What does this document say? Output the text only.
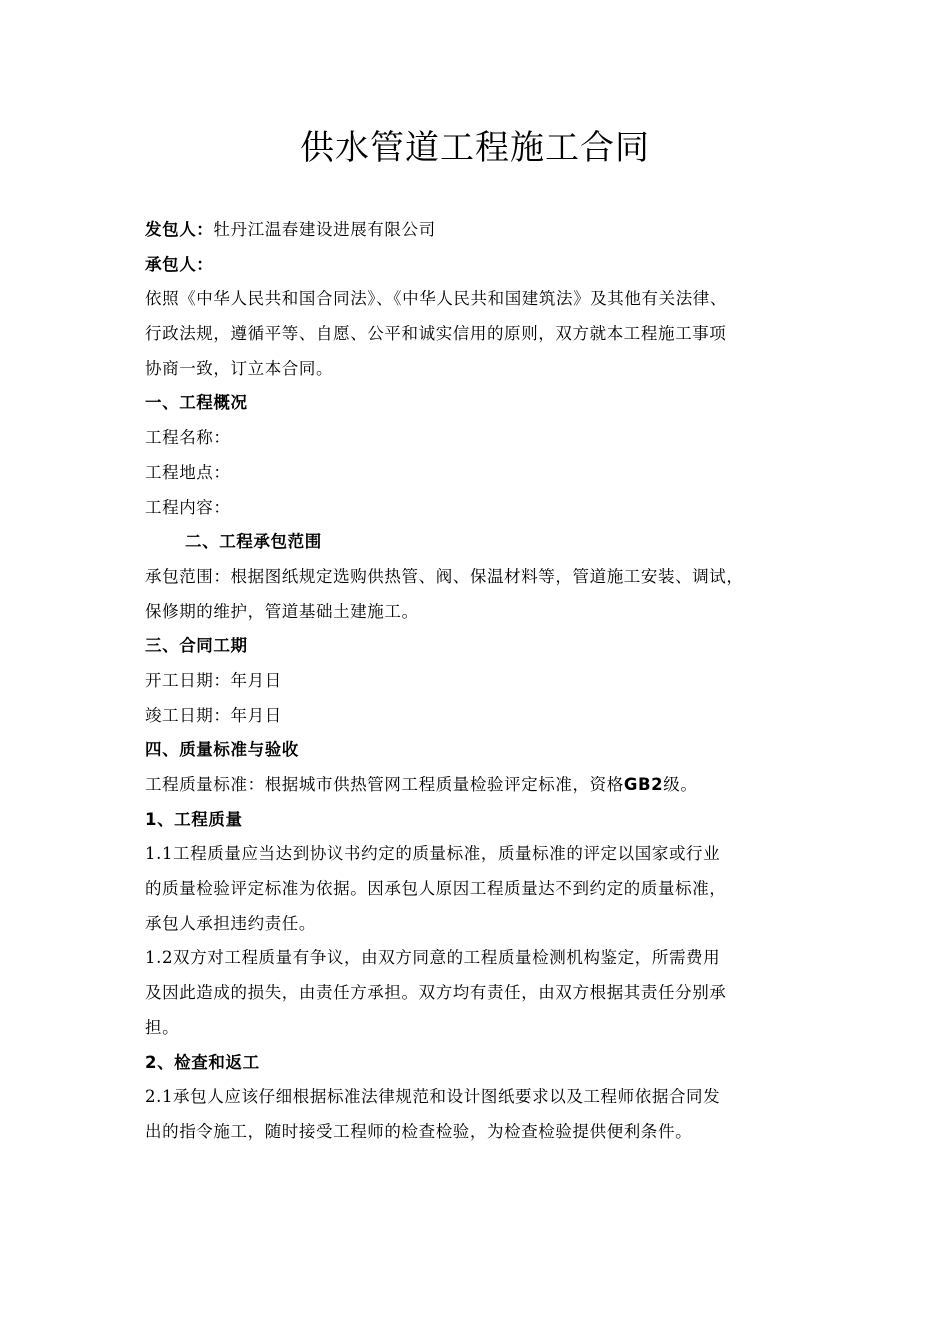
供水管道工程施工合同
发包人：牡丹江温春建设进展有限公司
承包人：
依照《中华人民共和国合同法》、《中华人民共和国建筑法》及其他有关法律、
行政法规，遵循平等、自愿、公平和诚实信用的原则，双方就本工程施工事项
协商一致，订立本合同。
一、工程概况
工程名称：
工程地点：
工程内容：
二、工程承包范围
承包范围：根据图纸规定选购供热管、阀、保温材料等，管道施工安装、调试，
保修期的维护，管道基础土建施工。
三、合同工期
开工日期：年月日
竣工日期：年月日
四、质量标准与验收
工程质量标准：根据城市供热管网工程质量检验评定标准，资格GB2级。
1、工程质量
1.1工程质量应当达到协议书约定的质量标准，质量标准的评定以国家或行业
的质量检验评定标准为依据。因承包人原因工程质量达不到约定的质量标准，
承包人承担违约责任。
1.2双方对工程质量有争议，由双方同意的工程质量检测机构鉴定，所需费用
及因此造成的损失，由责任方承担。双方均有责任，由双方根据其责任分别承
担。
2、检查和返工
2.1承包人应该仔细根据标准法律规范和设计图纸要求以及工程师依据合同发
出的指令施工，随时接受工程师的检查检验，为检查检验提供便利条件。
